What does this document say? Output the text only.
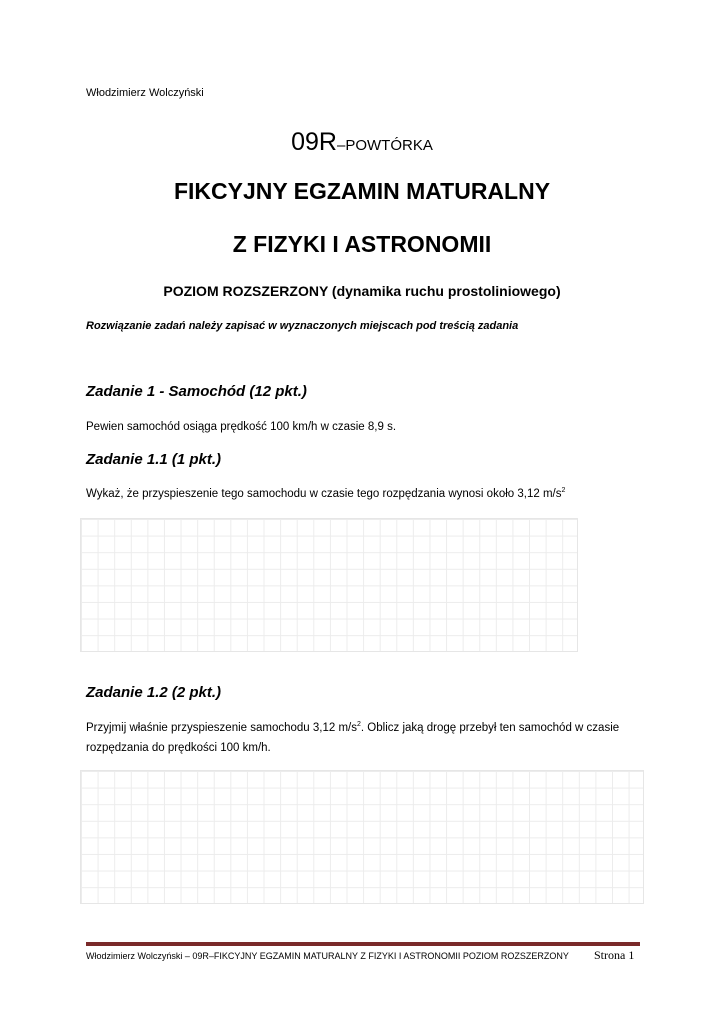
Włodzimierz Wolczyński
09R–POWTÓRKA
FIKCYJNY EGZAMIN MATURALNY
Z FIZYKI I ASTRONOMII
POZIOM ROZSZERZONY (dynamika ruchu prostoliniowego)
Rozwiązanie zadań należy zapisać w wyznaczonych miejscach pod treścią zadania
Zadanie 1 - Samochód (12 pkt.)
Pewien samochód osiąga prędkość 100 km/h w czasie 8,9 s.
Zadanie 1.1 (1 pkt.)
Wykaż, że przyspieszenie tego samochodu w czasie tego rozpędzania wynosi około 3,12 $m/s^2$
Zadanie 1.2 (2 pkt.)
Przyjmij właśnie przyspieszenie samochodu 3,12 $m/s^2$. Oblicz jaką drogę przebył ten samochód w czasie rozpędzania do prędkości 100 km/h.
Włodzimierz Wolczyński – 09R–FIKCYJNY EGZAMIN MATURALNY Z FIZYKI I ASTRONOMII POZIOM ROZSZERZONY Strona 1
